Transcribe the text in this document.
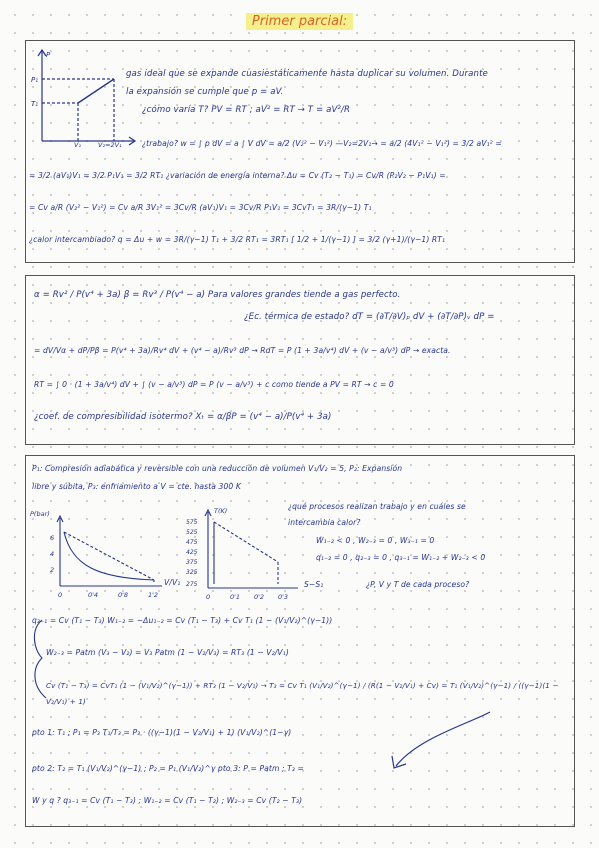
Primer parcial:
P₁
T₁
P
V₁	V₂=2V₁
gas ideal que se expande cuasiestáticamente hasta duplicar su volumen. Durante
la expansión se cumple que p = aV.
¿cómo varía T? PV = RT ; aV² = RT → T = aV²/R
¿trabajo? w = ∫ p dV = a ∫ V dV = a/2 (V₂² − V₁²) —V₂=2V₁→ = a/2 (4V₁² − V₁²) = 3/2 aV₁² =
= 3/2 (aV₁)V₁ = 3/2 P₁V₁ = 3/2 RT₁ ¿variación de energía interna? Δu = Cv (T₂ − T₁) = Cv/R (P₂V₂ − P₁V₁) =
= Cv a/R (V₂² − V₁²) = Cv a/R 3V₁² = 3Cv/R (aV₁)V₁ = 3Cv/R P₁V₁ = 3CvT₁ = 3R/(γ−1) T₁
¿calor intercambiado? q = Δu + w = 3R/(γ−1) T₁ + 3/2 RT₁ = 3RT₁ [ 1/2 + 1/(γ−1) ] = 3/2 (γ+1)/(γ−1) RT₁
α = Rv² / P(v⁴ + 3a) β = Rv³ / P(v⁴ − a) Para valores grandes tiende a gas perfecto.
¿Ec. térmica de estado? dT = (∂T/∂V)ₚ dV + (∂T/∂P)ᵥ dP =
= dV/Vα + dP/Pβ = P(v⁴ + 3a)/Rv⁴ dV + (v⁴ − a)/Rv³ dP → RdT = P (1 + 3a/v⁴) dV + (v − a/v³) dP → exacta.
RT = ∫ 0 · (1 + 3a/v⁴) dV + ∫ (v − a/v³) dP = P (v − a/v³) + c como tiende a PV = RT → c = 0
¿coef. de compresibilidad isotermo? Xₜ = α/βP = (v⁴ − a)/P(v⁴ + 3a)
P₁: Compresión adiabática y reversible con una reducción de volumen V₁/V₂ = 5, P₂: Expansión
libre y súbita, P₃: enfriamiento a V = cte. hasta 300 K
P(bar)
6
4
2
0	0'4	0'8	1'2
V/V₁
T(K)
575
525
475
425
375
325
275
0	0'1 0'2 0'3
S−S₁
¿qué procesos realizan trabajo y en cuáles se
intercambia calor?
W₁₋₂ < 0 , W₂₋₃ = 0 , W₃₋₁ = 0
q₁₋₂ = 0 , q₂₋₃ = 0 , q₃₋₁ = W₁₋₂ + W₂₋₃ < 0
¿P, V y T de cada proceso?
q₃₋₁ = Cv (T₁ − T₃) W₁₋₂ = −Δu₁₋₂ = Cv (T₁ − T₃) + Cv T₁ (1 − (V₁/V₂)^(γ−1))
W₂₋₃ = Patm (V₃ − V₂) = V₃ Patm (1 − V₂/V₃) = RT₃ (1 − V₂/V₁)
Cv (T₁ − T₃) = CvT₁ (1 − (V₁/V₂)^(γ−1)) + RT₃ (1 − V₂/V₁) → T₃ = Cv T₁ (V₁/V₂)^(γ−1) / (R(1 − V₂/V₁) + Cv) = T₁ (V₁/V₂)^(γ−1) / ((γ−1)(1 − V₂/V₁) + 1)
pto 1: T₁ ; P₁ = P₃ T₁/T₃ = P₃ · ((γ−1)(1 − V₂/V₁) + 1) (V₁/V₂)^(1−γ)
pto 2: T₂ = T₁ (V₁/V₂)^(γ−1) ; P₂ = P₁ (V₁/V₂)^γ pto 3: P = Patm ; T₃ =
W y q ? q₃₋₁ = Cv (T₁ − T₃) ; W₁₋₂ = Cv (T₁ − T₂) ; W₂₋₃ = Cv (T₂ − T₃)
